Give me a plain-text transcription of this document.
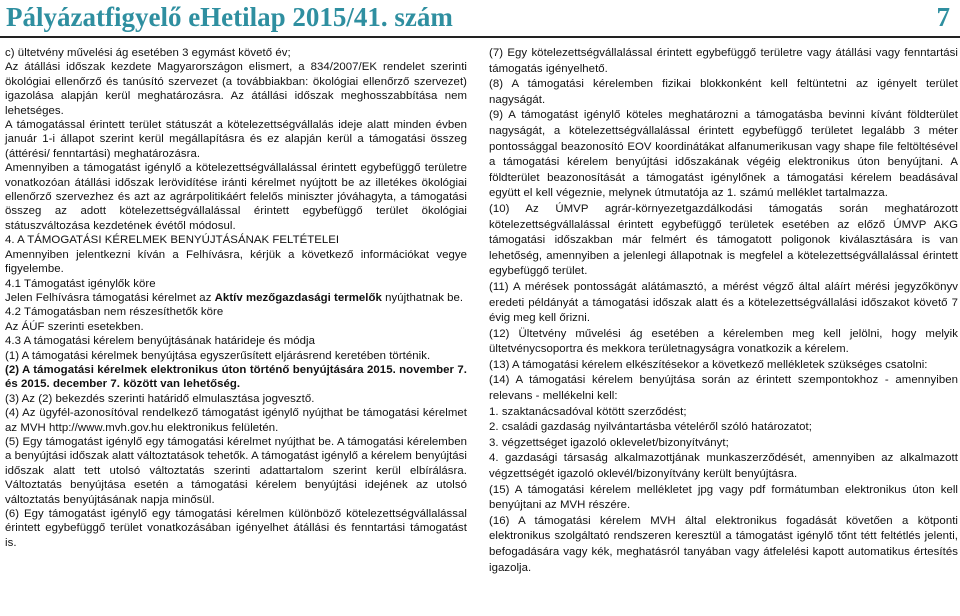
Pályázatfigyelő eHetilap 2015/41. szám	7

c) ültetvény művelési ág esetében 3 egymást követő év;

Az átállási időszak kezdete Magyarországon elismert, a 834/2007/EK rendelet szerinti ökológiai ellenőrző és tanúsító szervezet (a továbbiakban: ökológiai ellenőrző szervezet) igazolása alapján kerül meghatározásra. Az átállási időszak meghosszabbítása nem lehetséges.

A támogatással érintett terület státuszát a kötelezettségvállalás ideje alatt minden évben január 1-i állapot szerint kerül megállapításra és ez alapján kerül a támogatási összeg (áttérési/ fenntartási) meghatározásra.

Amennyiben a támogatást igénylő a kötelezettségvállalással érintett egybefüggő területre vonatkozóan átállási időszak lerövidítése iránti kérelmet nyújtott be az illetékes ökológiai ellenőrző szervezhez és azt az agrárpolitikáért felelős miniszter jóváhagyta, a támogatási összeg az adott kötelezettségvállalással érintett egybefüggő terület ökológiai státuszváltozása kezdetének évétől módosul.

4. A TÁMOGATÁSI KÉRELMEK BENYÚJTÁSÁNAK FELTÉTELEI

Amennyiben jelentkezni kíván a Felhívásra, kérjük a következő információkat vegye figyelembe.

4.1 Támogatást igénylők köre

Jelen Felhívásra támogatási kérelmet az Aktív mezőgazdasági termelők nyújthatnak be.

4.2 Támogatásban nem részesíthetők köre

Az ÁÚF szerinti esetekben.

4.3 A támogatási kérelem benyújtásának határideje és módja

(1) A támogatási kérelmek benyújtása egyszerűsített eljárásrend keretében történik.

(2) A támogatási kérelmek elektronikus úton történő benyújtására 2015. november 7. és 2015. december 7. között van lehetőség.

(3) Az (2) bekezdés szerinti határidő elmulasztása jogvesztő.

(4) Az ügyfél-azonosítóval rendelkező támogatást igénylő nyújthat be támogatási kérelmet az MVH http://www.mvh.gov.hu elektronikus felületén.

(5) Egy támogatást igénylő egy támogatási kérelmet nyújthat be. A támogatási kérelemben a benyújtási időszak alatt változtatások tehetők. A támogatást igénylő a kérelem benyújtási időszak alatt tett utolsó változtatás szerinti adattartalom szerint kerül elbírálásra. Változtatás benyújtása esetén a támogatási kérelem benyújtási idejének az utolsó változtatás benyújtásának napja minősül.

(6) Egy támogatást igénylő egy támogatási kérelmen különböző kötelezettségvállalással érintett egybefüggő terület vonatkozásában igényelhet átállási és fenntartási támogatást is.

(7) Egy kötelezettségvállalással érintett egybefüggő területre vagy átállási vagy fenntartási támogatás igényelhető.

(8) A támogatási kérelemben fizikai blokkonként kell feltüntetni az igényelt terület nagyságát.

(9) A támogatást igénylő köteles meghatározni a támogatásba bevinni kívánt földterület nagyságát, a kötelezettségvállalással érintett egybefüggő területet legalább 3 méter pontossággal beazonosító EOV koordinátákat alfanumerikusan vagy shape file feltöltésével a támogatási kérelem benyújtási időszakának végéig elektronikus úton benyújtani. A földterület beazonosítását a támogatást igénylőnek a támogatási kérelem beadásával együtt el kell végeznie, melynek útmutatója az 1. számú melléklet tartalmazza.

(10) Az ÚMVP agrár-környezetgazdálkodási támogatás során meghatározott kötelezettségvállalással érintett egybefüggő területek esetében az előző ÚMVP AKG támogatási időszakban már felmért és támogatott poligonok kiválasztására is van lehetőség, amennyiben a jelenlegi állapotnak is megfelel a kötelezettségvállalással érintett egybefüggő terület.

(11) A mérések pontosságát alátámasztó, a mérést végző által aláírt mérési jegyzőkönyv eredeti példányát a támogatási időszak alatt és a kötelezettségvállalási időszakot követő 7 évig meg kell őrizni.

(12) Ültetvény művelési ág esetében a kérelemben meg kell jelölni, hogy melyik ültetvénycsoportra és mekkora területnagyságra vonatkozik a kérelem.

(13) A támogatási kérelem elkészítésekor a következő mellékletek szükséges csatolni:

(14) A támogatási kérelem benyújtása során az érintett szempontokhoz - amennyiben relevans - mellékelni kell:

1. szaktanácsadóval kötött szerződést;

2. családi gazdaság nyilvántartásba vételéről szóló határozatot;

3. végzettséget igazoló oklevelet/bizonyítványt;

4. gazdasági társaság alkalmazottjának munkaszerződését, amennyiben az alkalmazott végzettségét igazoló oklevél/bizonyítvány került benyújtásra.

(15) A támogatási kérelem mellékletet jpg vagy pdf formátumban elektronikus úton kell benyújtani az MVH részére.

(16) A támogatási kérelem MVH által elektronikus fogadását követően a kötponti elektronikus szolgáltató rendszeren keresztül a támogatást igénylő tőnt tétt feltétlés jelenti, befogadására vagy kék, meghatásról tanyában vagy átfelelési kapott automatikus értesítés igazolja.
